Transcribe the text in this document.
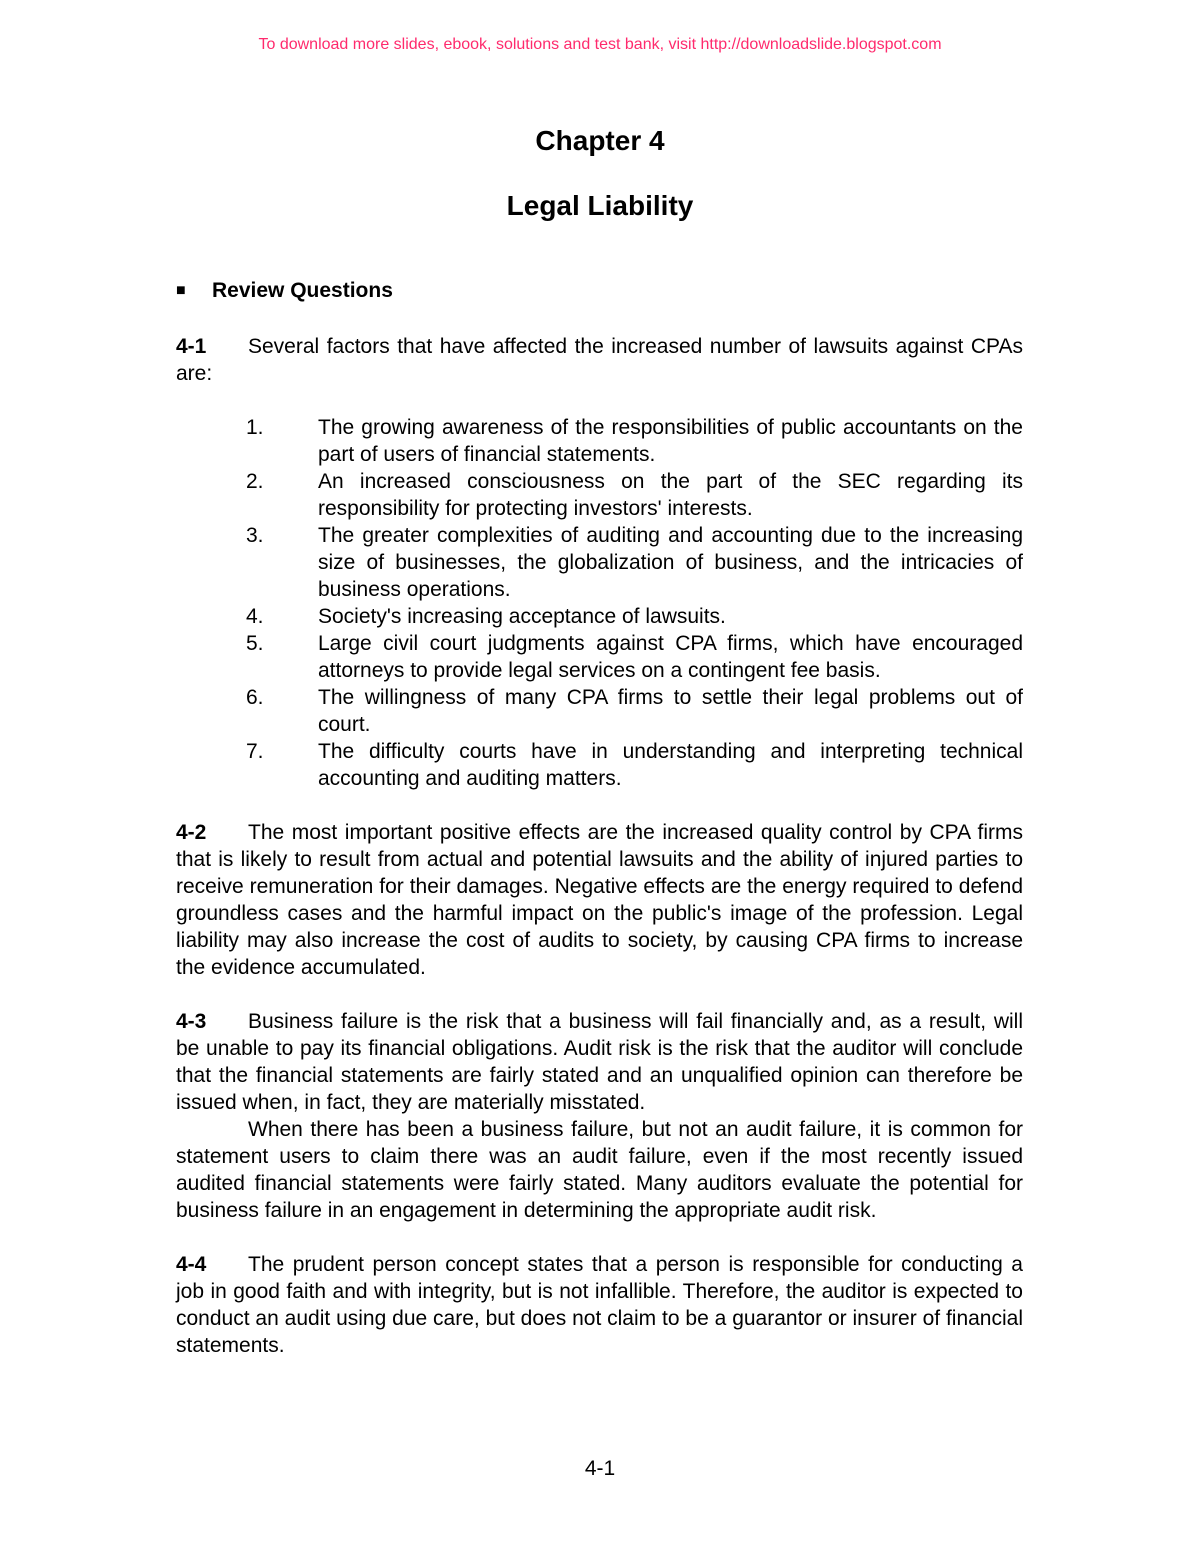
To download more slides, ebook, solutions and test bank, visit http://downloadslide.blogspot.com
Chapter 4
Legal Liability
■ Review Questions

4-1 Several factors that have affected the increased number of lawsuits against CPAs are:

1.	The growing awareness of the responsibilities of public accountants on the part of users of financial statements.
2.	An increased consciousness on the part of the SEC regarding its responsibility for protecting investors' interests.
3.	The greater complexities of auditing and accounting due to the increasing size of businesses, the globalization of business, and the intricacies of business operations.
4.	Society's increasing acceptance of lawsuits.
5.	Large civil court judgments against CPA firms, which have encouraged attorneys to provide legal services on a contingent fee basis.
6.	The willingness of many CPA firms to settle their legal problems out of court.
7.	The difficulty courts have in understanding and interpreting technical accounting and auditing matters.

4-2 The most important positive effects are the increased quality control by CPA firms that is likely to result from actual and potential lawsuits and the ability of injured parties to receive remuneration for their damages. Negative effects are the energy required to defend groundless cases and the harmful impact on the public's image of the profession. Legal liability may also increase the cost of audits to society, by causing CPA firms to increase the evidence accumulated.

4-3 Business failure is the risk that a business will fail financially and, as a result, will be unable to pay its financial obligations. Audit risk is the risk that the auditor will conclude that the financial statements are fairly stated and an unqualified opinion can therefore be issued when, in fact, they are materially misstated.

When there has been a business failure, but not an audit failure, it is common for statement users to claim there was an audit failure, even if the most recently issued audited financial statements were fairly stated. Many auditors evaluate the potential for business failure in an engagement in determining the appropriate audit risk.

4-4 The prudent person concept states that a person is responsible for conducting a job in good faith and with integrity, but is not infallible. Therefore, the auditor is expected to conduct an audit using due care, but does not claim to be a guarantor or insurer of financial statements.

4-1
